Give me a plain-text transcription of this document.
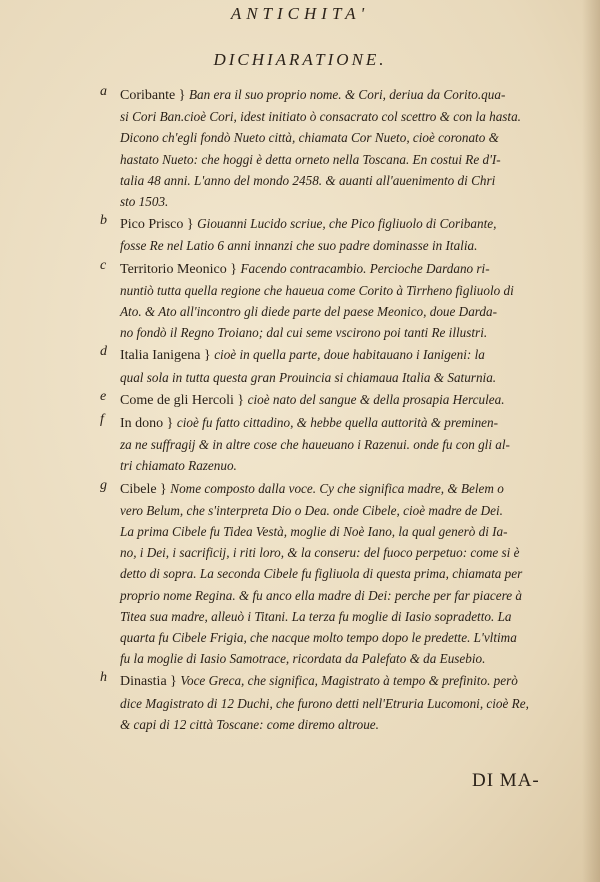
ANTICHITA'
DICHIARATIONE.
a Coribante } Ban era il suo proprio nome. & Cori, deriua da Corito.qua-

si Cori Ban.cioè Cori, idest initiato ò consacrato col scettro & con la hasta.

Dicono ch'egli fondò Nueto città, chiamata Cor Nueto, cioè coronato &

hastato Nueto: che hoggi è detta orneto nella Toscana. En costui Re d'I-

talia 48 anni. L'anno del mondo 2458. & auanti all'auenimento di Chri

sto 1503.

b Pico Prisco } Giouanni Lucido scriue, che Pico figliuolo di Coribante,

fosse Re nel Latio 6 anni innanzi che suo padre dominasse in Italia.

c Territorio Meonico } Facendo contracambio. Percioche Dardano ri-

nuntiò tutta quella regione che haueua come Corito à Tirrheno figliuolo di

Ato. & Ato all'incontro gli diede parte del paese Meonico, doue Darda-

no fondò il Regno Troiano; dal cui seme vscirono poi tanti Re illustri.

d Italia Ianigena } cioè in quella parte, doue habitauano i Ianigeni: la

qual sola in tutta questa gran Prouincia si chiamaua Italia & Saturnia.

e Come de gli Hercoli } cioè nato del sangue & della prosapia Herculea.

f In dono } cioè fu fatto cittadino, & hebbe quella auttorità & preminen-

za ne suffragij & in altre cose che haueuano i Razenui. onde fu con gli al-

tri chiamato Razenuo.

g Cibele } Nome composto dalla voce. Cy che significa madre, & Belem o

vero Belum, che s'interpreta Dio o Dea. onde Cibele, cioè madre de Dei.

La prima Cibele fu Tidea Vestà, moglie di Noè Iano, la qual generò di Ia-

no, i Dei, i sacrificij, i riti loro, & la conseru: del fuoco perpetuo: come si è

detto di sopra. La seconda Cibele fu figliuola di questa prima, chiamata per

proprio nome Regina. & fu anco ella madre di Dei: perche per far piacere à

Titea sua madre, alleuò i Titani. La terza fu moglie di Iasio sopradetto. La

quarta fu Cibele Frigia, che nacque molto tempo dopo le predette. L'vltima

fu la moglie di Iasio Samotrace, ricordata da Palefato & da Eusebio.

h Dinastia } Voce Greca, che significa, Magistrato à tempo & prefinito. però

dice Magistrato di 12 Duchi, che furono detti nell'Etruria Lucomoni, cioè Re,

& capi di 12 città Toscane: come diremo altroue.

DI MA-
